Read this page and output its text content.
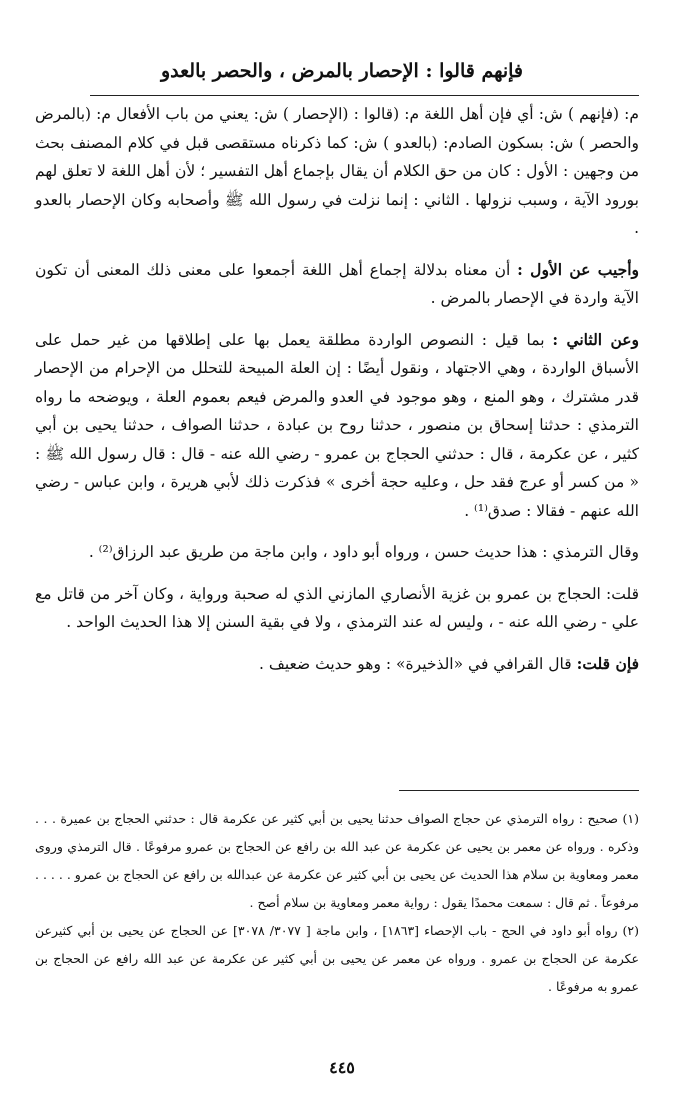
فإنهم قالوا : الإحصار بالمرض ، والحصر بالعدو

م: (فإنهم ) ش: أي فإن أهل اللغة م: (قالوا : (الإحصار ) ش: يعني من باب الأفعال م: (بالمرض والحصر ) ش: بسكون الصادم: (بالعدو ) ش: كما ذكرناه مستقصى قبل في كلام المصنف بحث من وجهين : الأول : كان من حق الكلام أن يقال بإجماع أهل التفسير ؛ لأن أهل اللغة لا تعلق لهم بورود الآية ، وسبب نزولها . الثاني : إنما نزلت في رسول الله ﷺ وأصحابه وكان الإحصار بالعدو .

وأجيب عن الأول : أن معناه بدلالة إجماع أهل اللغة أجمعوا على معنى ذلك المعنى أن تكون الآية واردة في الإحصار بالمرض .

وعن الثاني : بما قيل : النصوص الواردة مطلقة يعمل بها على إطلاقها من غير حمل على الأسباق الواردة ، وهي الاجتهاد ، ونقول أيضًا : إن العلة المبيحة للتحلل من الإحرام من الإحصار قدر مشترك ، وهو المنع ، وهو موجود في العدو والمرض فيعم بعموم العلة ، ويوضحه ما رواه الترمذي : حدثنا إسحاق بن منصور ، حدثنا روح بن عبادة ، حدثنا الصواف ، حدثنا يحيى بن أبي كثير ، عن عكرمة ، قال : حدثني الحجاج بن عمرو - رضي الله عنه - قال : قال رسول الله ﷺ : « من كسر أو عرج فقد حل ، وعليه حجة أخرى » فذكرت ذلك لأبي هريرة ، وابن عباس - رضي الله عنهم - فقالا : صدق⁽¹⁾ .

وقال الترمذي : هذا حديث حسن ، ورواه أبو داود ، وابن ماجة من طريق عبد الرزاق⁽²⁾ .

قلت: الحجاج بن عمرو بن غزية الأنصاري المازني الذي له صحبة ورواية ، وكان آخر من قاتل مع علي - رضي الله عنه - ، وليس له عند الترمذي ، ولا في بقية السنن إلا هذا الحديث الواحد .

فإن قلت: قال القرافي في «الذخيرة» : وهو حديث ضعيف .

(١) صحيح : رواه الترمذي عن حجاج الصواف حدثنا يحيى بن أبي كثير عن عكرمة قال : حدثني الحجاج بن عميرة . . . وذكره . ورواه عن معمر بن يحيى عن عكرمة عن عبد الله بن رافع عن الحجاج بن عمرو مرفوعًا . قال الترمذي وروى معمر ومعاوية بن سلام هذا الحديث عن يحيى بن أبي كثير عن عكرمة عن عبدالله بن رافع عن الحجاج بن عمرو . . . . . مرفوعاً . ثم قال : سمعت محمدًا يقول : رواية معمر ومعاوية بن سلام أصح .

(٢) رواه أبو داود في الحج - باب الإحصاء [١٨٦٣] ، وابن ماجة [ ٣٠٧٧/ ٣٠٧٨] عن الحجاج عن يحيى بن أبي كثيرعن عكرمة عن الحجاج بن عمرو . ورواه عن معمر عن يحيى بن أبي كثير عن عكرمة عن عبد الله رافع عن الحجاج بن عمرو به مرفوعًا .

٤٤٥
